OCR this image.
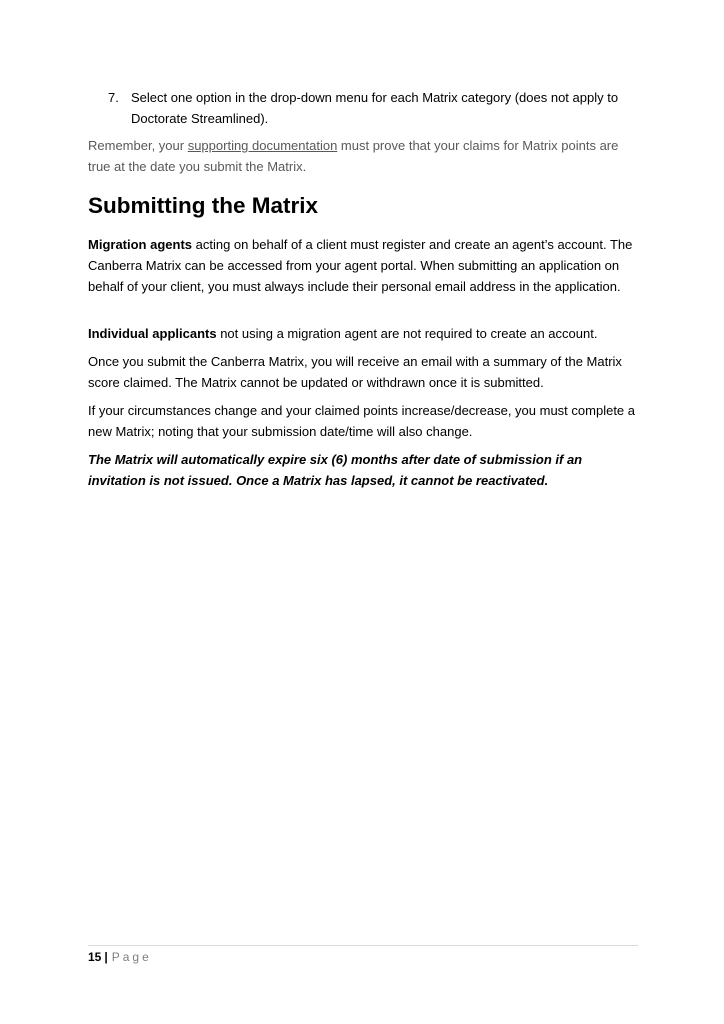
7. Select one option in the drop-down menu for each Matrix category (does not apply to Doctorate Streamlined).

Remember, your supporting documentation must prove that your claims for Matrix points are true at the date you submit the Matrix.

Submitting the Matrix

Migration agents acting on behalf of a client must register and create an agent’s account. The Canberra Matrix can be accessed from your agent portal. When submitting an application on behalf of your client, you must always include their personal email address in the application.

Individual applicants not using a migration agent are not required to create an account.

Once you submit the Canberra Matrix, you will receive an email with a summary of the Matrix score claimed. The Matrix cannot be updated or withdrawn once it is submitted.

If your circumstances change and your claimed points increase/decrease, you must complete a new Matrix; noting that your submission date/time will also change.

The Matrix will automatically expire six (6) months after date of submission if an invitation is not issued. Once a Matrix has lapsed, it cannot be reactivated.

15 | Page
